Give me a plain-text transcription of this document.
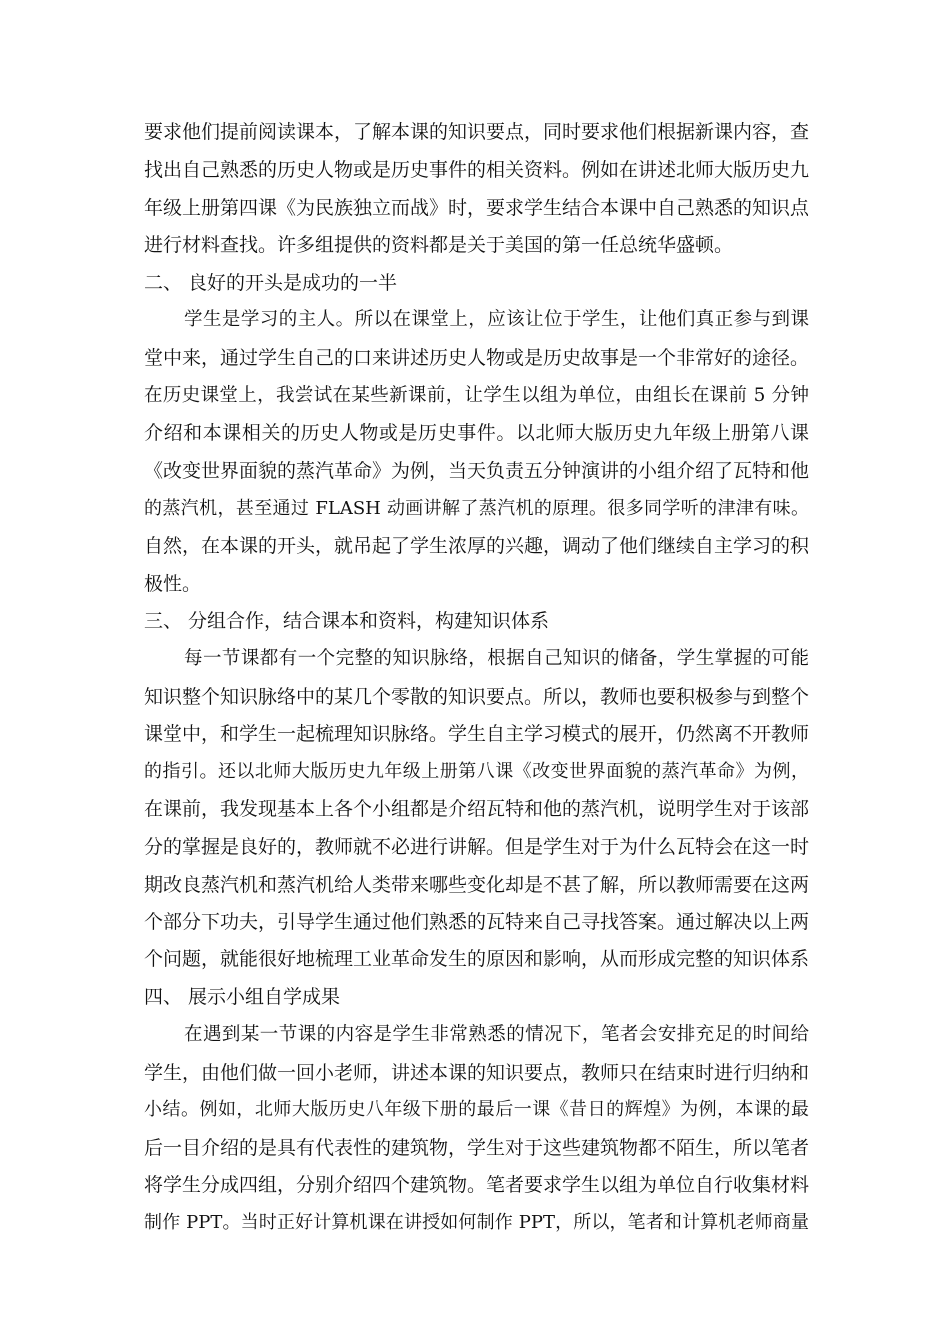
要求他们提前阅读课本，了解本课的知识要点，同时要求他们根据新课内容，查
找出自己熟悉的历史人物或是历史事件的相关资料。例如在讲述北师大版历史九
年级上册第四课《为民族独立而战》时，要求学生结合本课中自己熟悉的知识点
进行材料查找。许多组提供的资料都是关于美国的第一任总统华盛顿。
二、 良好的开头是成功的一半
学生是学习的主人。所以在课堂上，应该让位于学生，让他们真正参与到课
堂中来，通过学生自己的口来讲述历史人物或是历史故事是一个非常好的途径。
在历史课堂上，我尝试在某些新课前，让学生以组为单位，由组长在课前 5 分钟
介绍和本课相关的历史人物或是历史事件。以北师大版历史九年级上册第八课
《改变世界面貌的蒸汽革命》为例，当天负责五分钟演讲的小组介绍了瓦特和他
的蒸汽机，甚至通过 FLASH 动画讲解了蒸汽机的原理。很多同学听的津津有味。
自然，在本课的开头，就吊起了学生浓厚的兴趣，调动了他们继续自主学习的积
极性。
三、 分组合作，结合课本和资料，构建知识体系
每一节课都有一个完整的知识脉络，根据自己知识的储备，学生掌握的可能
知识整个知识脉络中的某几个零散的知识要点。所以，教师也要积极参与到整个
课堂中，和学生一起梳理知识脉络。学生自主学习模式的展开，仍然离不开教师
的指引。还以北师大版历史九年级上册第八课《改变世界面貌的蒸汽革命》为例，
在课前，我发现基本上各个小组都是介绍瓦特和他的蒸汽机，说明学生对于该部
分的掌握是良好的，教师就不必进行讲解。但是学生对于为什么瓦特会在这一时
期改良蒸汽机和蒸汽机给人类带来哪些变化却是不甚了解，所以教师需要在这两
个部分下功夫，引导学生通过他们熟悉的瓦特来自己寻找答案。通过解决以上两
个问题，就能很好地梳理工业革命发生的原因和影响，从而形成完整的知识体系
四、 展示小组自学成果
在遇到某一节课的内容是学生非常熟悉的情况下，笔者会安排充足的时间给
学生，由他们做一回小老师，讲述本课的知识要点，教师只在结束时进行归纳和
小结。例如，北师大版历史八年级下册的最后一课《昔日的辉煌》为例，本课的最
后一目介绍的是具有代表性的建筑物，学生对于这些建筑物都不陌生，所以笔者
将学生分成四组，分别介绍四个建筑物。笔者要求学生以组为单位自行收集材料
制作 PPT。当时正好计算机课在讲授如何制作 PPT，所以，笔者和计算机老师商量
